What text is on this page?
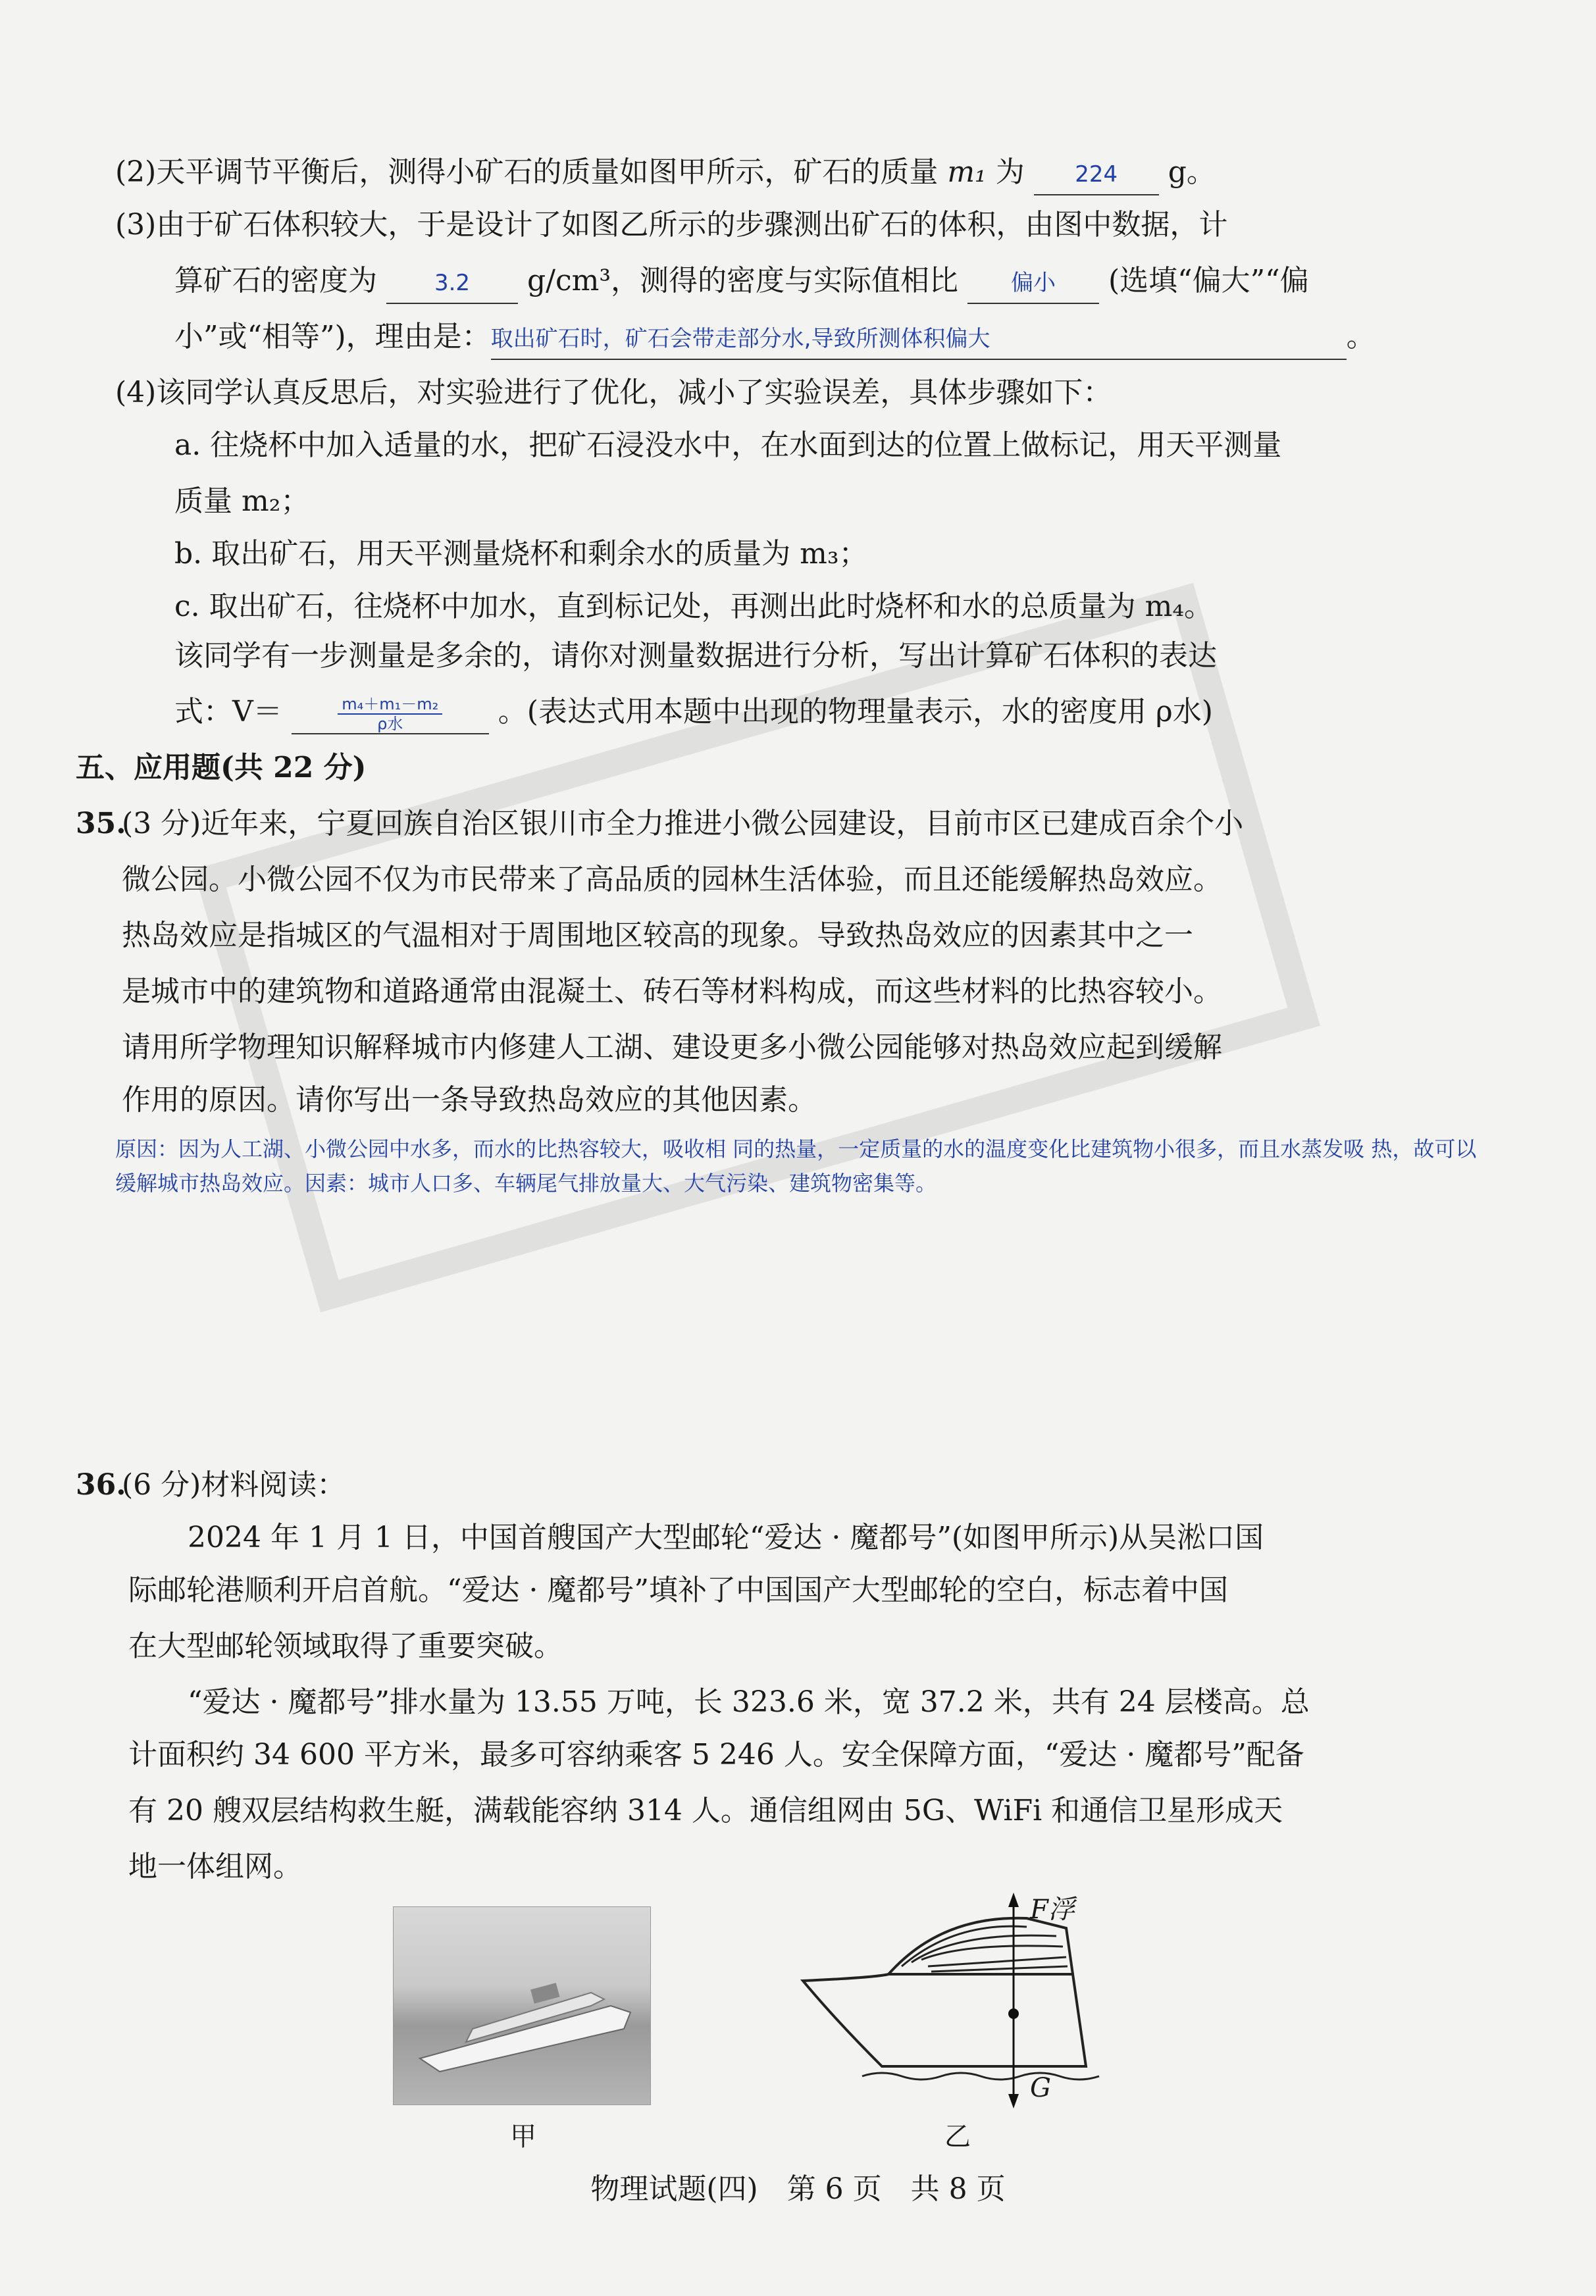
(2)天平调节平衡后，测得小矿石的质量如图甲所示，矿石的质量 m₁ 为 224 g。
(3)由于矿石体积较大，于是设计了如图乙所示的步骤测出矿石的体积，由图中数据，计
算矿石的密度为	3.2 g/cm³，测得的密度与实际值相比 偏小 (选填“偏大”“偏
小”或“相等”)，理由是：取出矿石时，矿石会带走部分水,导致所测体积偏大	。
(4)该同学认真反思后，对实验进行了优化，减小了实验误差，具体步骤如下：
a. 往烧杯中加入适量的水，把矿石浸没水中，在水面到达的位置上做标记，用天平测量
质量 m₂；
b. 取出矿石，用天平测量烧杯和剩余水的质量为 m₃；
c. 取出矿石，往烧杯中加水，直到标记处，再测出此时烧杯和水的总质量为 m₄。
该同学有一步测量是多余的，请你对测量数据进行分析，写出计算矿石体积的表达
式：V＝	$\frac{\text{m₄＋m₁－m₂}}{\text{ρ水}}$ 。(表达式用本题中出现的物理量表示，水的密度用 ρ水)
五、应用题(共 22 分)
35.
(3 分)近年来，宁夏回族自治区银川市全力推进小微公园建设，目前市区已建成百余个小
微公园。小微公园不仅为市民带来了高品质的园林生活体验，而且还能缓解热岛效应。
热岛效应是指城区的气温相对于周围地区较高的现象。导致热岛效应的因素其中之一
是城市中的建筑物和道路通常由混凝土、砖石等材料构成，而这些材料的比热容较小。
请用所学物理知识解释城市内修建人工湖、建设更多小微公园能够对热岛效应起到缓解
作用的原因。请你写出一条导致热岛效应的其他因素。
原因：因为人工湖、小微公园中水多，而水的比热容较大，吸收相 同的热量，一定质量的水的温度变化比建筑物小很多，而且水蒸发吸 热，故可以缓解城市热岛效应。因素：城市人口多、车辆尾气排放量大、大气污染、建筑物密集等。
36.
(6 分)材料阅读：
2024 年 1 月 1 日，中国首艘国产大型邮轮“爱达 · 魔都号”(如图甲所示)从吴淞口国
际邮轮港顺利开启首航。“爱达 · 魔都号”填补了中国国产大型邮轮的空白，标志着中国
在大型邮轮领域取得了重要突破。
“爱达 · 魔都号”排水量为 13.55 万吨，长 323.6 米，宽 37.2 米，共有 24 层楼高。总
计面积约 34 600 平方米，最多可容纳乘客 5 246 人。安全保障方面，“爱达 · 魔都号”配备
有 20 艘双层结构救生艇，满载能容纳 314 人。通信组网由 5G、WiFi 和通信卫星形成天
地一体组网。
甲
F浮
G
乙
物理试题(四)　第 6 页　共 8 页
